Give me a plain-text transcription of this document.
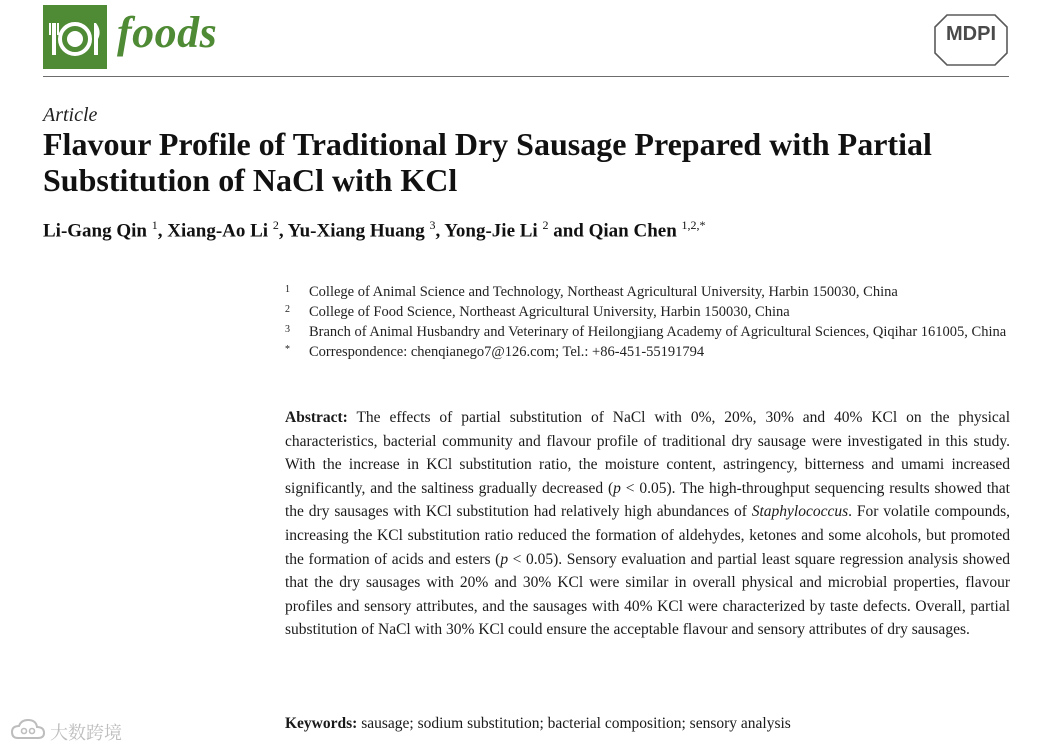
foods	MDPI
Article
Flavour Profile of Traditional Dry Sausage Prepared with Partial Substitution of NaCl with KCl
Li-Gang Qin $^1$, Xiang-Ao Li $^2$, Yu-Xiang Huang $^3$, Yong-Jie Li $^2$ and Qian Chen $^{1,2,*}$
1 College of Animal Science and Technology, Northeast Agricultural University, Harbin 150030, China
2 College of Food Science, Northeast Agricultural University, Harbin 150030, China
3 Branch of Animal Husbandry and Veterinary of Heilongjiang Academy of Agricultural Sciences, Qiqihar 161005, China
* Correspondence: chenqianego7@126.com; Tel.: +86-451-55191794
Abstract: The effects of partial substitution of NaCl with 0%, 20%, 30% and 40% KCl on the physical characteristics, bacterial community and flavour profile of traditional dry sausage were investigated in this study. With the increase in KCl substitution ratio, the moisture content, astringency, bitterness and umami increased significantly, and the saltiness gradually decreased (p < 0.05). The high-throughput sequencing results showed that the dry sausages with KCl substitution had relatively high abundances of Staphylococcus. For volatile compounds, increasing the KCl substitution ratio reduced the formation of aldehydes, ketones and some alcohols, but promoted the formation of acids and esters (p < 0.05). Sensory evaluation and partial least square regression analysis showed that the dry sausages with 20% and 30% KCl were similar in overall physical and microbial properties, flavour profiles and sensory attributes, and the sausages with 40% KCl were characterized by taste defects. Overall, partial substitution of NaCl with 30% KCl could ensure the acceptable flavour and sensory attributes of dry sausages.
Keywords: sausage; sodium substitution; bacterial composition; sensory analysis
大数跨境
